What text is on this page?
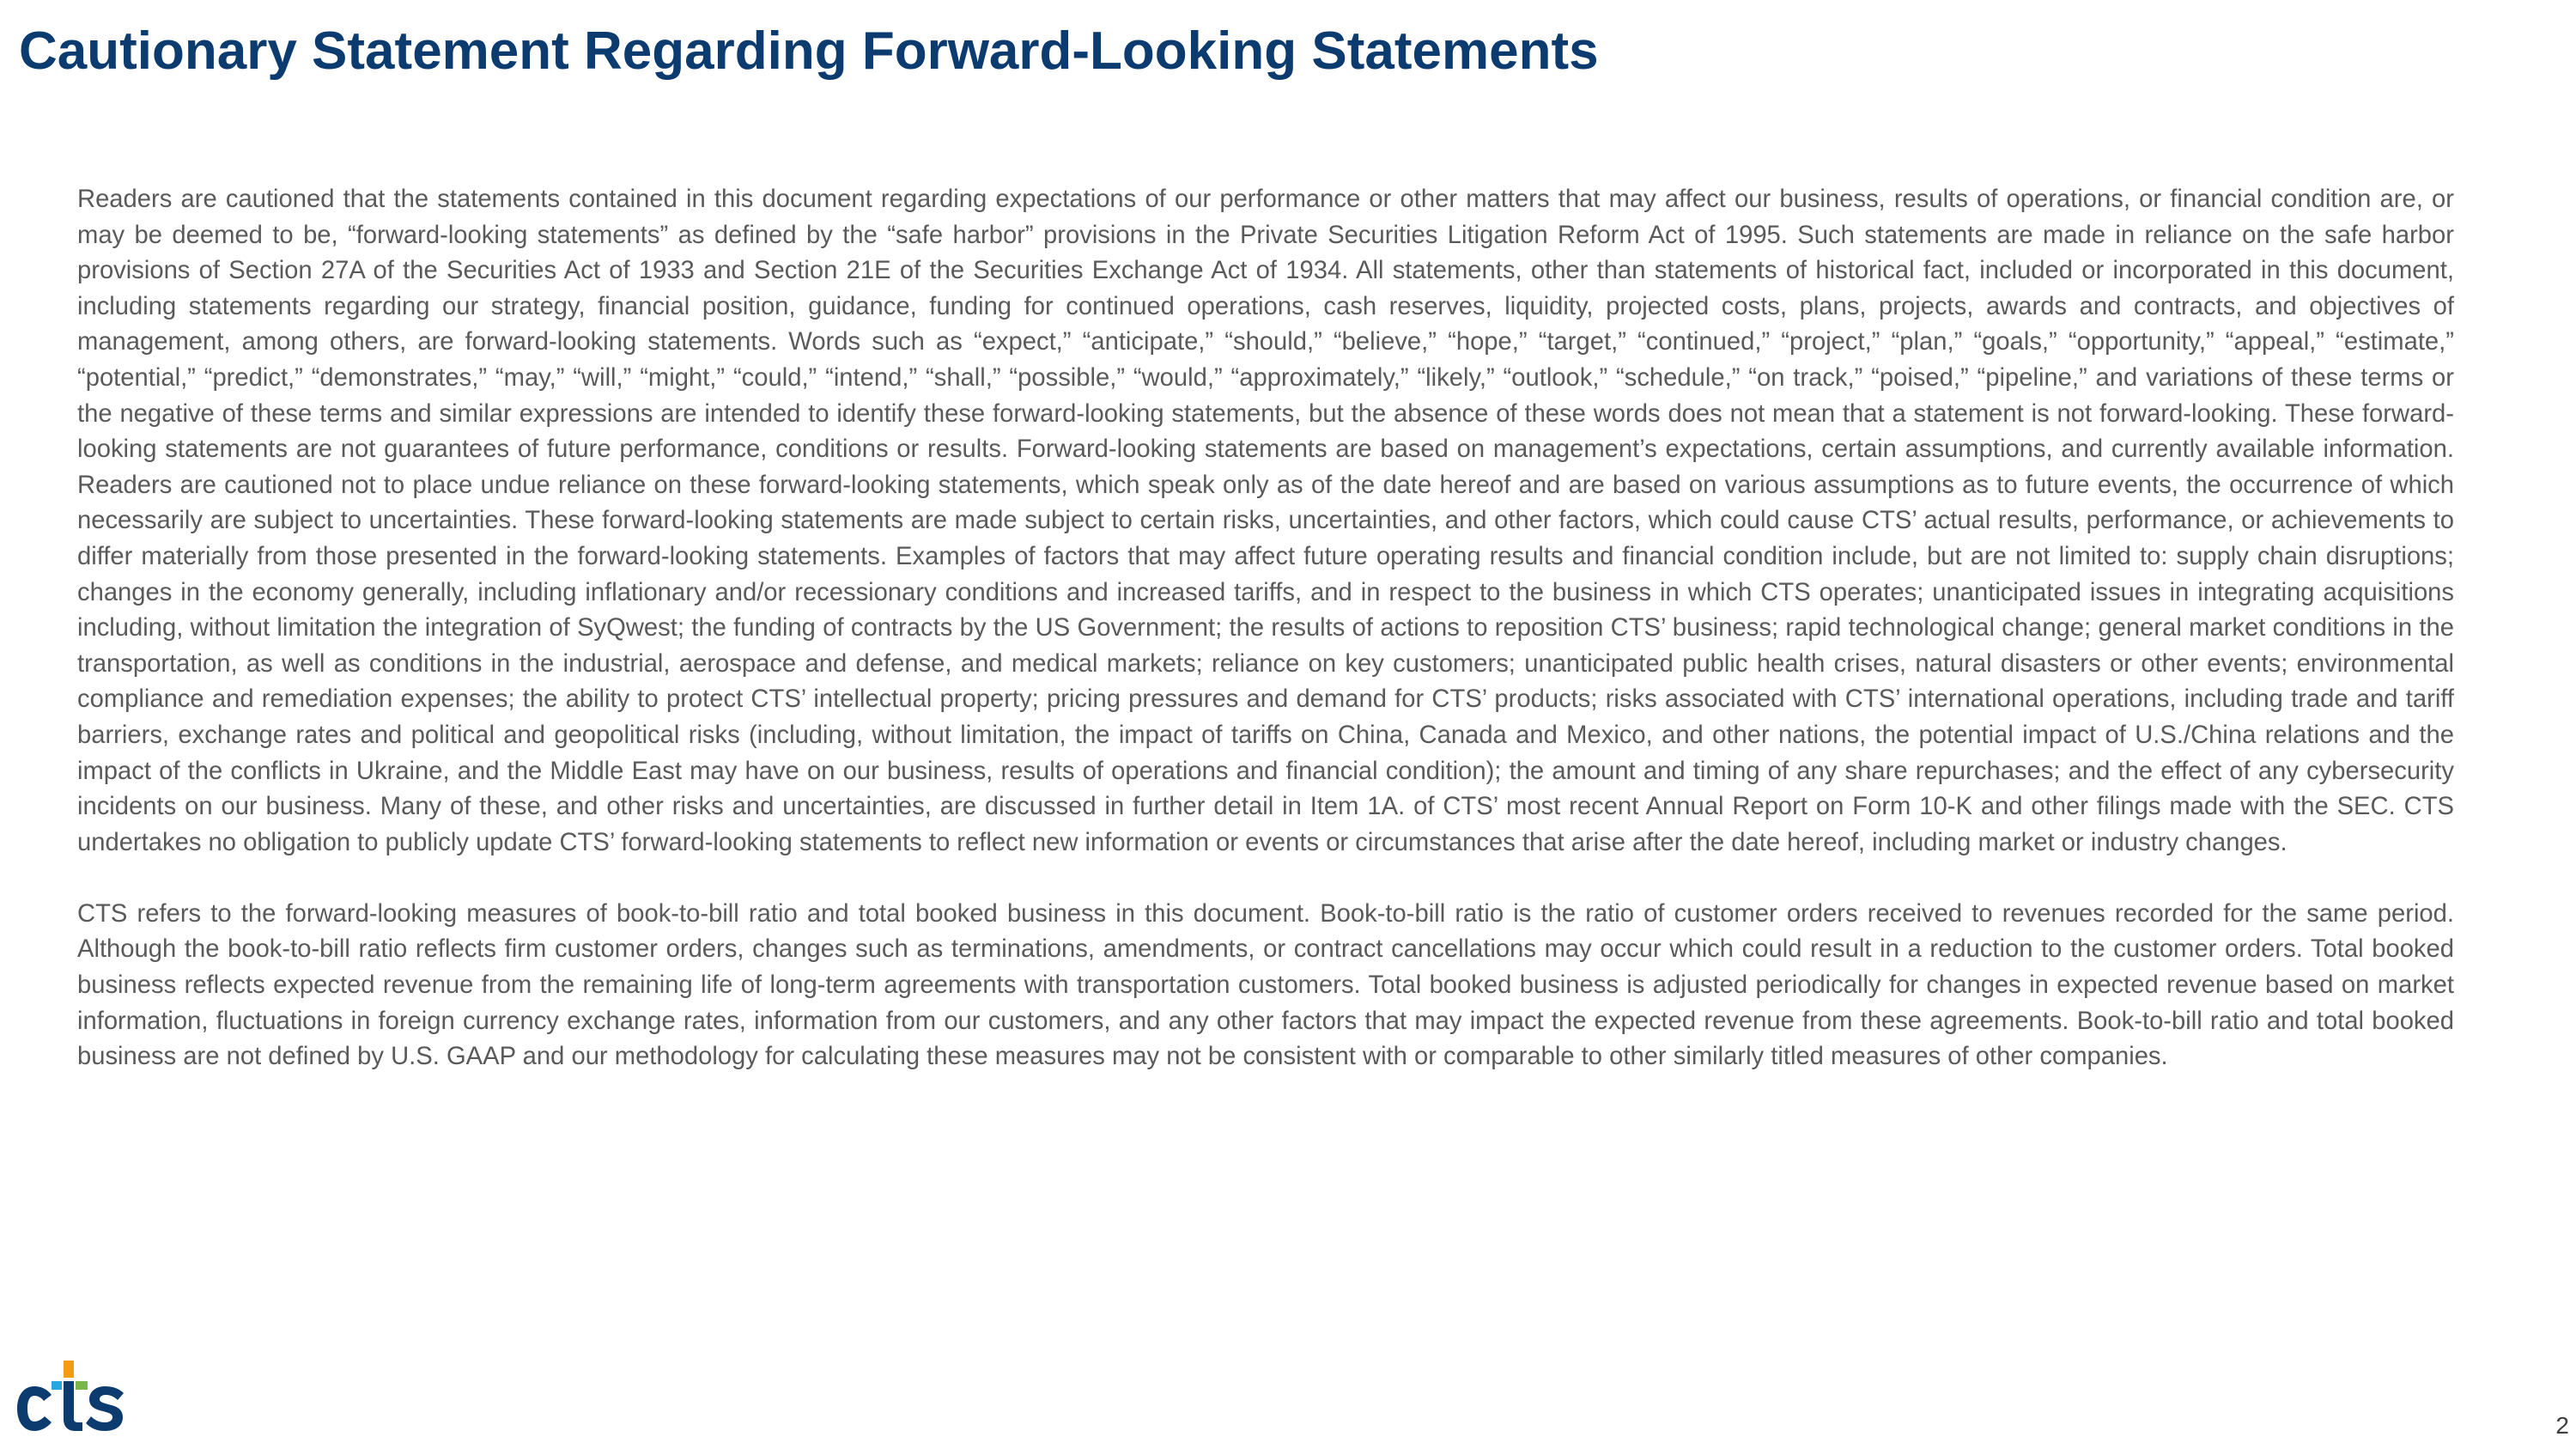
Cautionary Statement Regarding Forward-Looking Statements

Readers are cautioned that the statements contained in this document regarding expectations of our performance or other matters that may affect our business, results of operations, or financial condition are, or may be deemed to be, “forward-looking statements” as defined by the “safe harbor” provisions in the Private Securities Litigation Reform Act of 1995. Such statements are made in reliance on the safe harbor provisions of Section 27A of the Securities Act of 1933 and Section 21E of the Securities Exchange Act of 1934. All statements, other than statements of historical fact, included or incorporated in this document, including statements regarding our strategy, financial position, guidance, funding for continued operations, cash reserves, liquidity, projected costs, plans, projects, awards and contracts, and objectives of management, among others, are forward-looking statements. Words such as “expect,” “anticipate,” “should,” “believe,” “hope,” “target,” “continued,” “project,” “plan,” “goals,” “opportunity,” “appeal,” “estimate,” “potential,” “predict,” “demonstrates,” “may,” “will,” “might,” “could,” “intend,” “shall,” “possible,” “would,” “approximately,” “likely,” “outlook,” “schedule,” “on track,” “poised,” “pipeline,” and variations of these terms or the negative of these terms and similar expressions are intended to identify these forward-looking statements, but the absence of these words does not mean that a statement is not forward-looking. These forward-looking statements are not guarantees of future performance, conditions or results. Forward-looking statements are based on management’s expectations, certain assumptions, and currently available information. Readers are cautioned not to place undue reliance on these forward-looking statements, which speak only as of the date hereof and are based on various assumptions as to future events, the occurrence of which necessarily are subject to uncertainties. These forward-looking statements are made subject to certain risks, uncertainties, and other factors, which could cause CTS’ actual results, performance, or achievements to differ materially from those presented in the forward-looking statements. Examples of factors that may affect future operating results and financial condition include, but are not limited to: supply chain disruptions; changes in the economy generally, including inflationary and/or recessionary conditions and increased tariffs, and in respect to the business in which CTS operates; unanticipated issues in integrating acquisitions including, without limitation the integration of SyQwest; the funding of contracts by the US Government; the results of actions to reposition CTS’ business; rapid technological change; general market conditions in the transportation, as well as conditions in the industrial, aerospace and defense, and medical markets; reliance on key customers; unanticipated public health crises, natural disasters or other events; environmental compliance and remediation expenses; the ability to protect CTS’ intellectual property; pricing pressures and demand for CTS’ products; risks associated with CTS’ international operations, including trade and tariff barriers, exchange rates and political and geopolitical risks (including, without limitation, the impact of tariffs on China, Canada and Mexico, and other nations, the potential impact of U.S./China relations and the impact of the conflicts in Ukraine, and the Middle East may have on our business, results of operations and financial condition); the amount and timing of any share repurchases; and the effect of any cybersecurity incidents on our business. Many of these, and other risks and uncertainties, are discussed in further detail in Item 1A. of CTS’ most recent Annual Report on Form 10-K and other filings made with the SEC. CTS undertakes no obligation to publicly update CTS’ forward-looking statements to reflect new information or events or circumstances that arise after the date hereof, including market or industry changes.

CTS refers to the forward-looking measures of book-to-bill ratio and total booked business in this document. Book-to-bill ratio is the ratio of customer orders received to revenues recorded for the same period. Although the book-to-bill ratio reflects firm customer orders, changes such as terminations, amendments, or contract cancellations may occur which could result in a reduction to the customer orders. Total booked business reflects expected revenue from the remaining life of long-term agreements with transportation customers. Total booked business is adjusted periodically for changes in expected revenue based on market information, fluctuations in foreign currency exchange rates, information from our customers, and any other factors that may impact the expected revenue from these agreements. Book-to-bill ratio and total booked business are not defined by U.S. GAAP and our methodology for calculating these measures may not be consistent with or comparable to other similarly titled measures of other companies.

2
